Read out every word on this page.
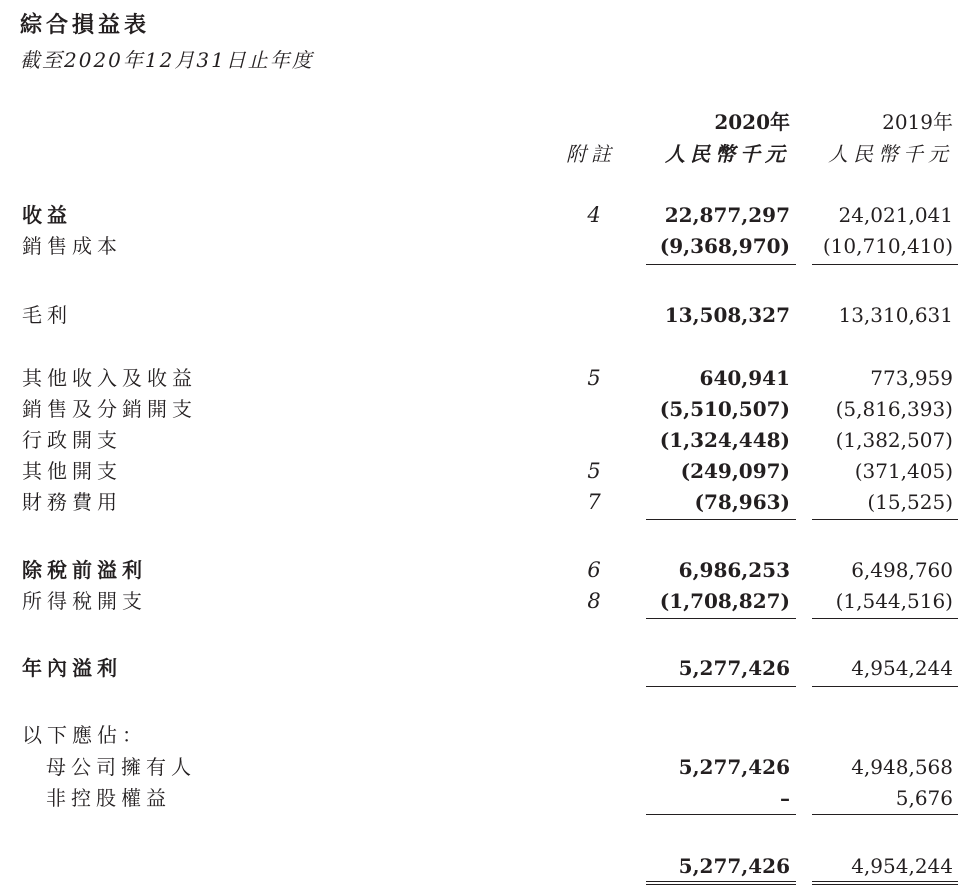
綜合損益表
截至2020年12月31日止年度
2020年	2019年
附註 人民幣千元 人民幣千元
收益	4	22,877,297 24,021,041
銷售成本	(9,368,970) (10,710,410)
毛利	13,508,327 13,310,631
其他收入及收益	5	640,941	773,959
銷售及分銷開支	(5,510,507) (5,816,393)
行政開支	(1,324,448) (1,382,507)
其他開支	5	(249,097)	(371,405)
財務費用	7	(78,963)	(15,525)
除稅前溢利	6	6,986,253	6,498,760
所得稅開支	8	(1,708,827) (1,544,516)
年內溢利	5,277,426	4,954,244
以下應佔：
母公司擁有人	5,277,426	4,948,568
非控股權益	–	5,676
5,277,426	4,954,244
